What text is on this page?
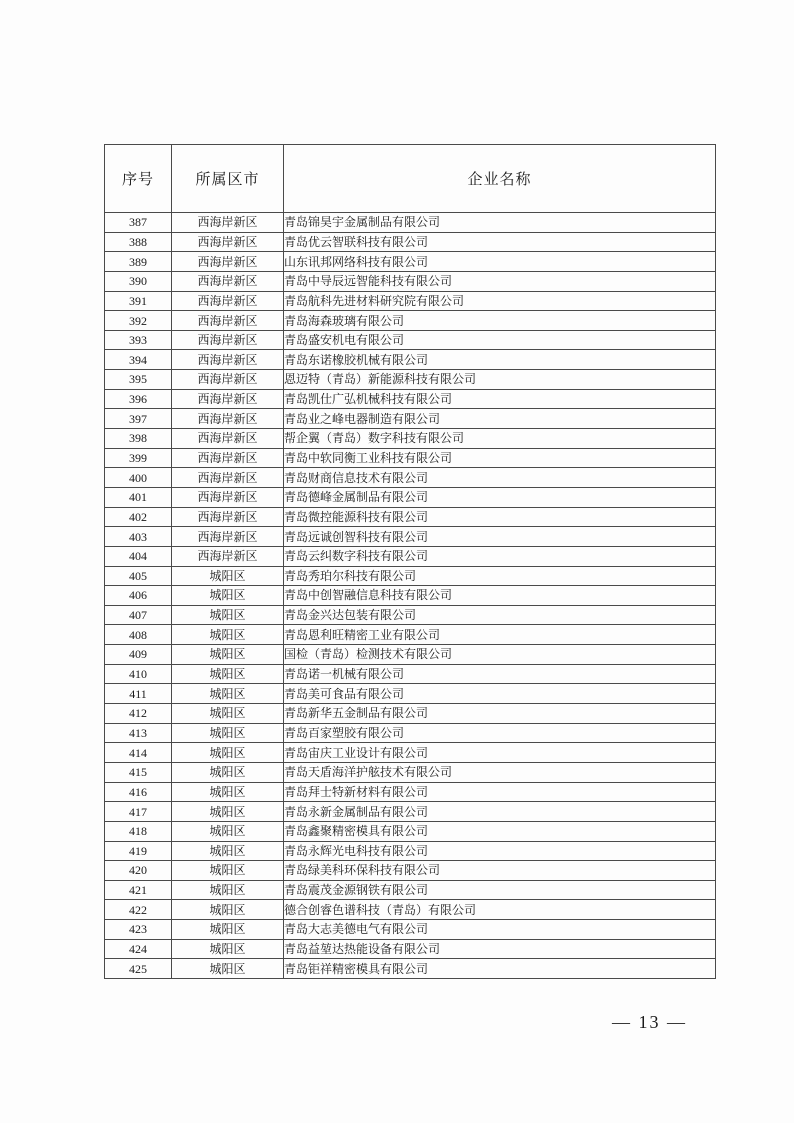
序号	所属区市	企业名称
387	西海岸新区	青岛锦昊宇金属制品有限公司
388	西海岸新区	青岛优云智联科技有限公司
389	西海岸新区	山东讯邦网络科技有限公司
390	西海岸新区	青岛中导辰远智能科技有限公司
391	西海岸新区	青岛航科先进材料研究院有限公司
392	西海岸新区	青岛海森玻璃有限公司
393	西海岸新区	青岛盛安机电有限公司
394	西海岸新区	青岛东诺橡胶机械有限公司
395	西海岸新区	恩迈特（青岛）新能源科技有限公司
396	西海岸新区	青岛凯仕广弘机械科技有限公司
397	西海岸新区	青岛业之峰电器制造有限公司
398	西海岸新区	帮企翼（青岛）数字科技有限公司
399	西海岸新区	青岛中软同衡工业科技有限公司
400	西海岸新区	青岛财商信息技术有限公司
401	西海岸新区	青岛德峰金属制品有限公司
402	西海岸新区	青岛微控能源科技有限公司
403	西海岸新区	青岛远诚创智科技有限公司
404	西海岸新区	青岛云纠数字科技有限公司
405	城阳区	青岛秀珀尔科技有限公司
406	城阳区	青岛中创智融信息科技有限公司
407	城阳区	青岛金兴达包装有限公司
408	城阳区	青岛恩利旺精密工业有限公司
409	城阳区	国检（青岛）检测技术有限公司
410	城阳区	青岛诺一机械有限公司
411	城阳区	青岛美可食品有限公司
412	城阳区	青岛新华五金制品有限公司
413	城阳区	青岛百家塑胶有限公司
414	城阳区	青岛宙庆工业设计有限公司
415	城阳区	青岛天盾海洋护舷技术有限公司
416	城阳区	青岛拜士特新材料有限公司
417	城阳区	青岛永新金属制品有限公司
418	城阳区	青岛鑫聚精密模具有限公司
419	城阳区	青岛永辉光电科技有限公司
420	城阳区	青岛绿美科环保科技有限公司
421	城阳区	青岛震茂金源钢铁有限公司
422	城阳区	德合创睿色谱科技（青岛）有限公司
423	城阳区	青岛大志美德电气有限公司
424	城阳区	青岛益堃达热能设备有限公司
425	城阳区	青岛钜祥精密模具有限公司
— 13 —
